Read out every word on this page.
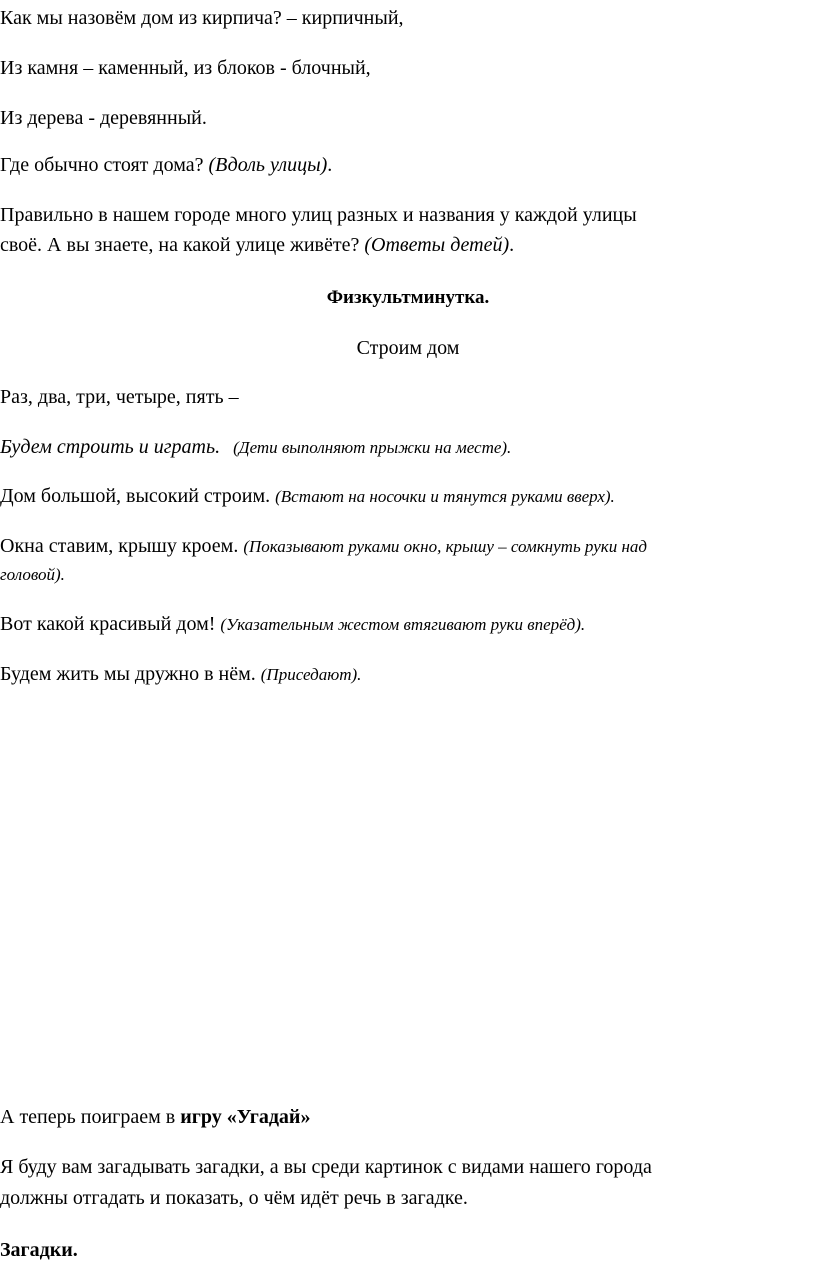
Как мы назовём дом из кирпича? – кирпичный,
Из камня – каменный, из блоков - блочный,
Из дерева - деревянный.
Где обычно стоят дома? (Вдоль улицы).
Правильно в нашем городе много улиц разных и названия у каждой улицы
своё. А вы знаете, на какой улице живёте? (Ответы детей).
Физкультминутка.
Строим дом
Раз, два, три, четыре, пять –
Будем строить и играть. (Дети выполняют прыжки на месте).
Дом большой, высокий строим. (Встают на носочки и тянутся руками вверх).
Окна ставим, крышу кроем. (Показывают руками окно, крышу – сомкнуть руки над
головой).
Вот какой красивый дом! (Указательным жестом втягивают руки вперёд).
Будем жить мы дружно в нём. (Приседают).
А теперь поиграем в игру «Угадай»
Я буду вам загадывать загадки, а вы среди картинок с видами нашего города
должны отгадать и показать, о чём идёт речь в загадке.
Загадки.
